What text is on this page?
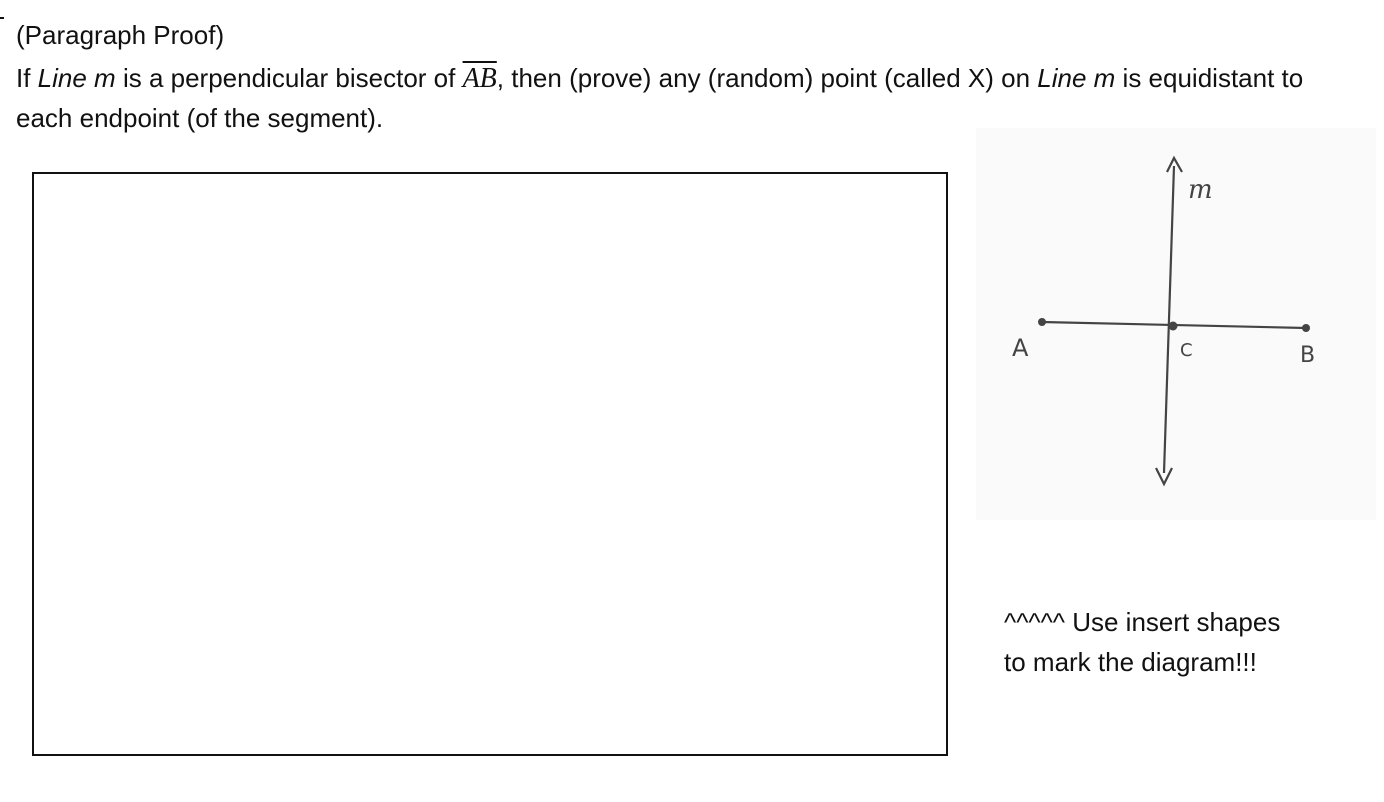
(Paragraph Proof)
If Line m is a perpendicular bisector of $\overline{AB}$, then (prove) any (random) point (called X) on Line m is equidistant to
each endpoint (of the segment).
m
A	B
C
^^^^^ Use insert shapes
to mark the diagram!!!
